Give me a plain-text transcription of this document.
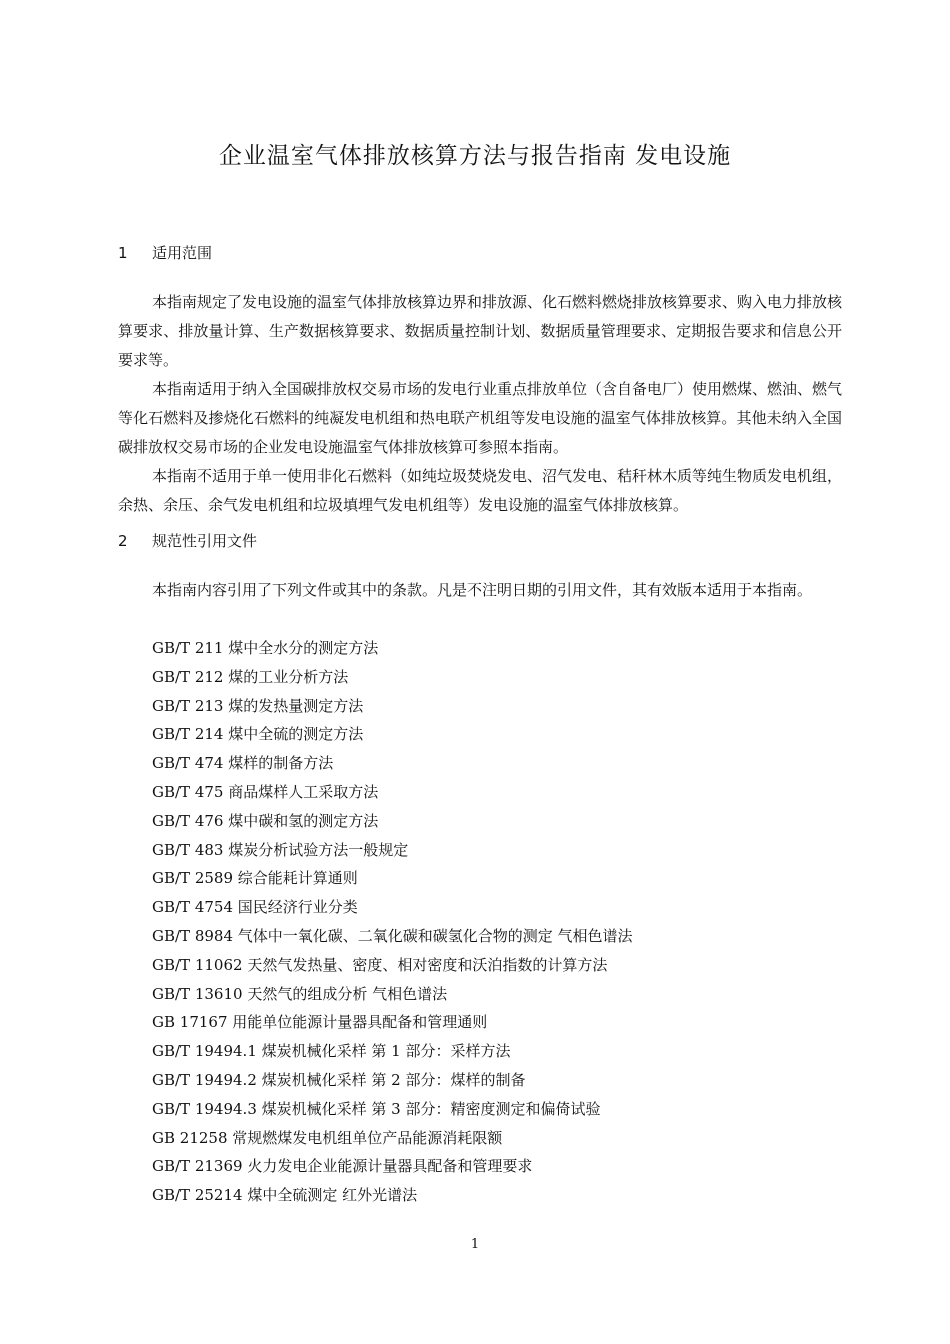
企业温室气体排放核算方法与报告指南 发电设施
1 适用范围

本指南规定了发电设施的温室气体排放核算边界和排放源、化石燃料燃烧排放核算要求、购入电力排放核算要求、排放量计算、生产数据核算要求、数据质量控制计划、数据质量管理要求、定期报告要求和信息公开要求等。

本指南适用于纳入全国碳排放权交易市场的发电行业重点排放单位（含自备电厂）使用燃煤、燃油、燃气等化石燃料及掺烧化石燃料的纯凝发电机组和热电联产机组等发电设施的温室气体排放核算。其他未纳入全国碳排放权交易市场的企业发电设施温室气体排放核算可参照本指南。

本指南不适用于单一使用非化石燃料（如纯垃圾焚烧发电、沼气发电、秸秆林木质等纯生物质发电机组，余热、余压、余气发电机组和垃圾填埋气发电机组等）发电设施的温室气体排放核算。

2 规范性引用文件

本指南内容引用了下列文件或其中的条款。凡是不注明日期的引用文件，其有效版本适用于本指南。

GB/T 211 煤中全水分的测定方法
GB/T 212 煤的工业分析方法
GB/T 213 煤的发热量测定方法
GB/T 214 煤中全硫的测定方法
GB/T 474 煤样的制备方法
GB/T 475 商品煤样人工采取方法
GB/T 476 煤中碳和氢的测定方法
GB/T 483 煤炭分析试验方法一般规定
GB/T 2589 综合能耗计算通则
GB/T 4754 国民经济行业分类
GB/T 8984 气体中一氧化碳、二氧化碳和碳氢化合物的测定 气相色谱法
GB/T 11062 天然气发热量、密度、相对密度和沃泊指数的计算方法
GB/T 13610 天然气的组成分析 气相色谱法
GB 17167 用能单位能源计量器具配备和管理通则
GB/T 19494.1 煤炭机械化采样 第 1 部分：采样方法
GB/T 19494.2 煤炭机械化采样 第 2 部分：煤样的制备
GB/T 19494.3 煤炭机械化采样 第 3 部分：精密度测定和偏倚试验
GB 21258 常规燃煤发电机组单位产品能源消耗限额
GB/T 21369 火力发电企业能源计量器具配备和管理要求
GB/T 25214 煤中全硫测定 红外光谱法
1
